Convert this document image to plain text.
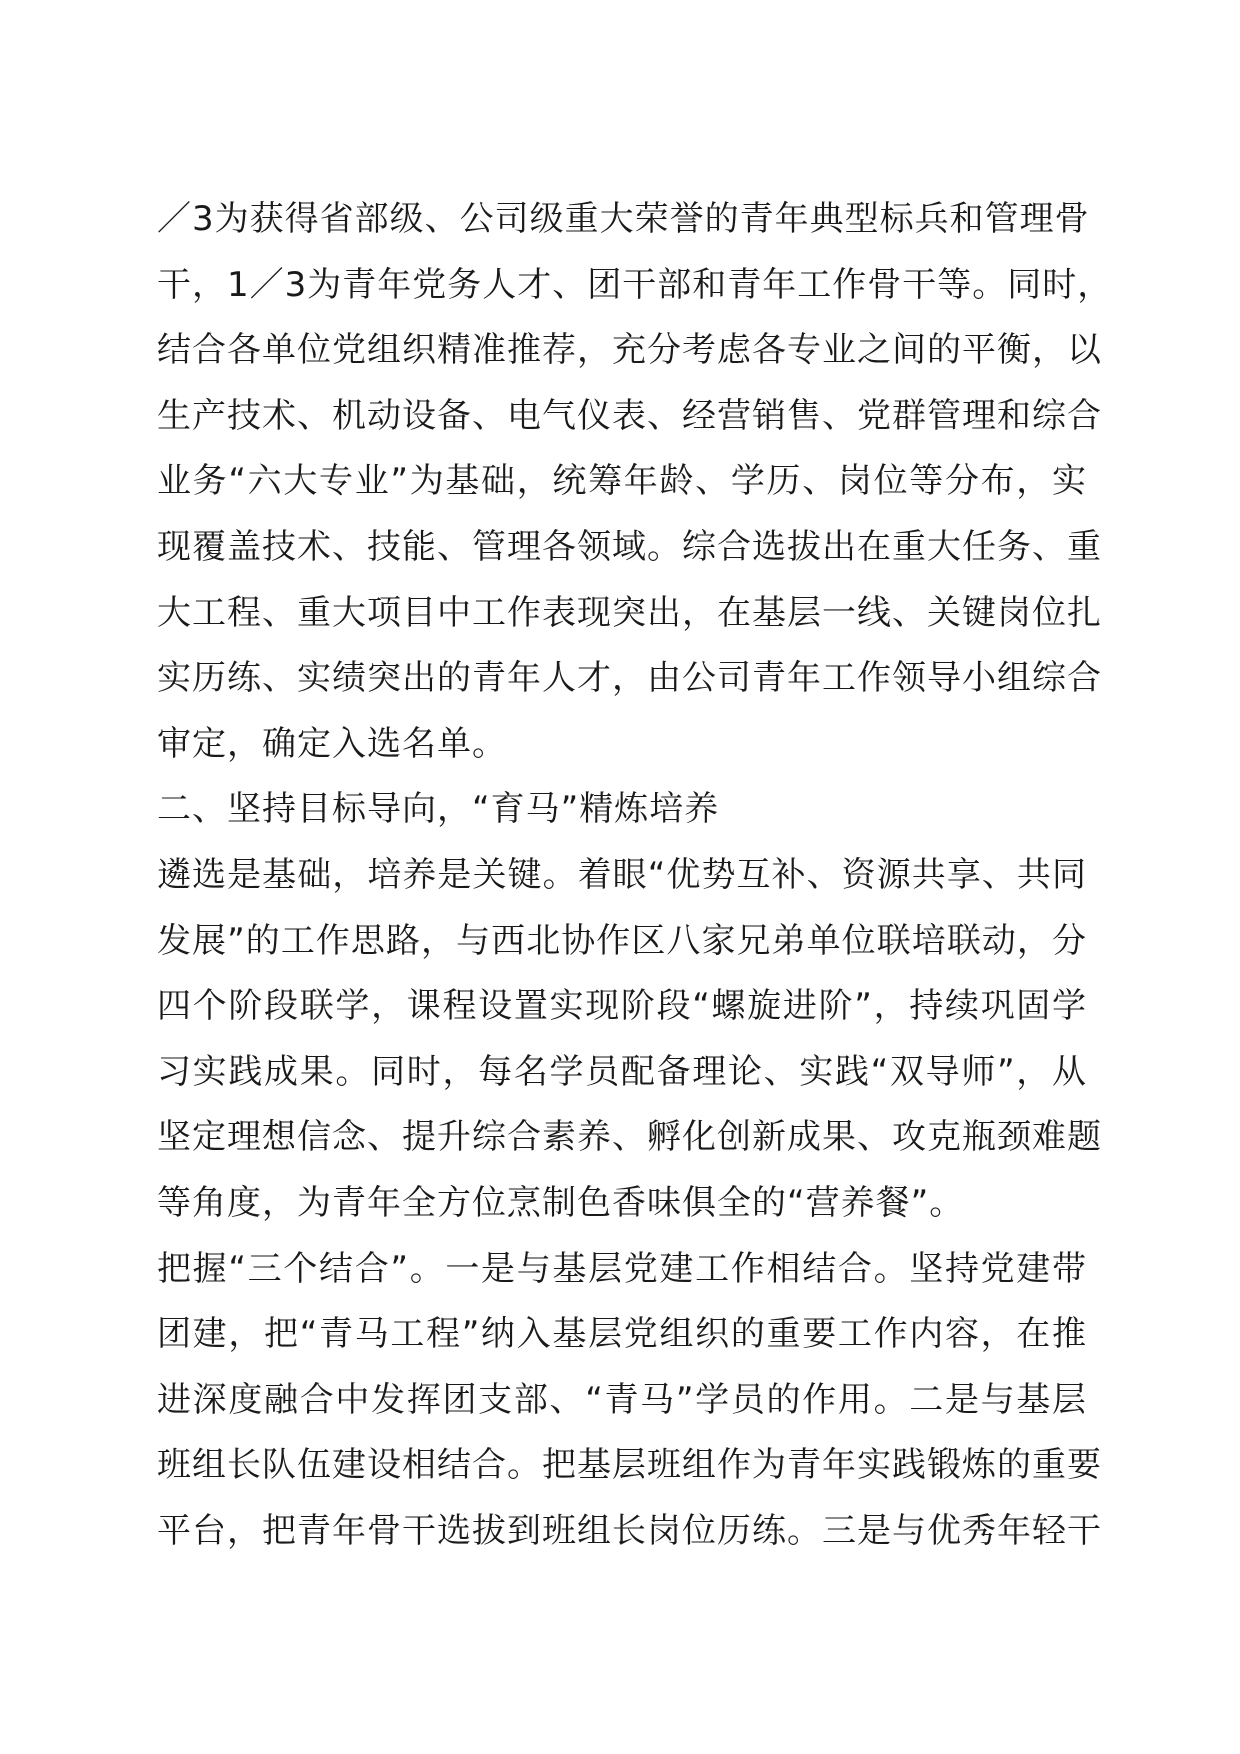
／3为获得省部级、公司级重大荣誉的青年典型标兵和管理骨
干，1／3为青年党务人才、团干部和青年工作骨干等。同时，
结合各单位党组织精准推荐，充分考虑各专业之间的平衡，以
生产技术、机动设备、电气仪表、经营销售、党群管理和综合
业务“六大专业”为基础，统筹年龄、学历、岗位等分布，实
现覆盖技术、技能、管理各领域。综合选拔出在重大任务、重
大工程、重大项目中工作表现突出，在基层一线、关键岗位扎
实历练、实绩突出的青年人才，由公司青年工作领导小组综合
审定，确定入选名单。
二、坚持目标导向，“育马”精炼培养
遴选是基础，培养是关键。着眼“优势互补、资源共享、共同
发展”的工作思路，与西北协作区八家兄弟单位联培联动，分
四个阶段联学，课程设置实现阶段“螺旋进阶”，持续巩固学
习实践成果。同时，每名学员配备理论、实践“双导师”，从
坚定理想信念、提升综合素养、孵化创新成果、攻克瓶颈难题
等角度，为青年全方位烹制色香味俱全的“营养餐”。
把握“三个结合”。一是与基层党建工作相结合。坚持党建带
团建，把“青马工程”纳入基层党组织的重要工作内容，在推
进深度融合中发挥团支部、“青马”学员的作用。二是与基层
班组长队伍建设相结合。把基层班组作为青年实践锻炼的重要
平台，把青年骨干选拔到班组长岗位历练。三是与优秀年轻干
